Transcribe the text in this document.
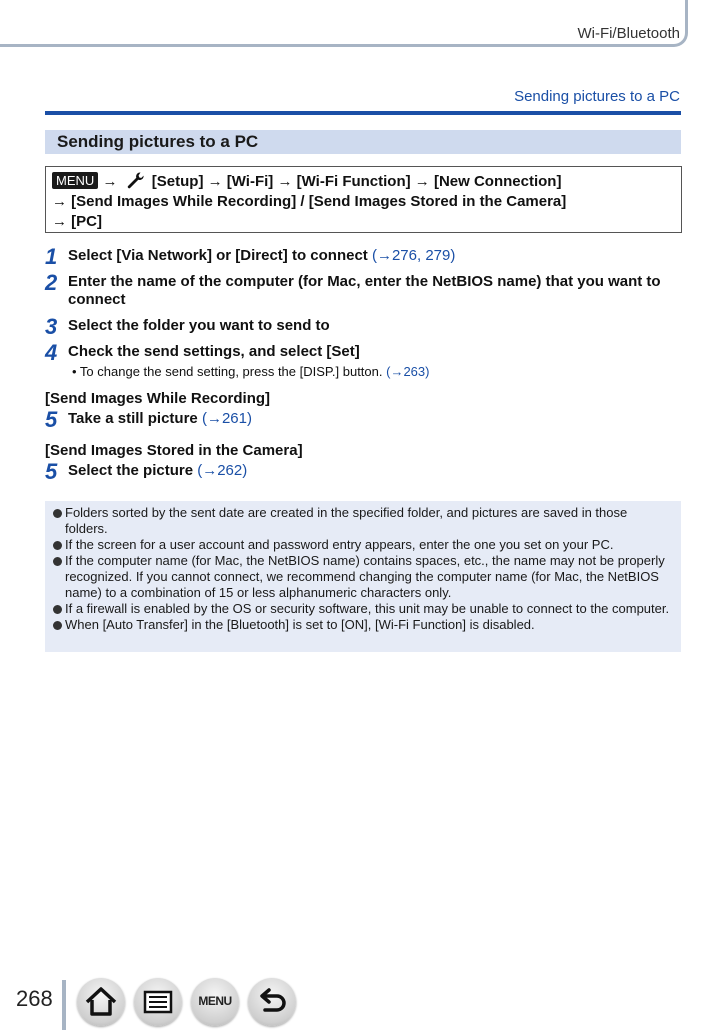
Wi-Fi/Bluetooth
Sending pictures to a PC
Sending pictures to a PC
MENU → [Setup] → [Wi-Fi] → [Wi-Fi Function] → [New Connection]
→ [Send Images While Recording] / [Send Images Stored in the Camera]
→ [PC]
1 Select [Via Network] or [Direct] to connect (→276, 279)
2 Enter the name of the computer (for Mac, enter the NetBIOS name) that you want to connect
3 Select the folder you want to send to
4 Check the send settings, and select [Set]
• To change the send setting, press the [DISP.] button. (→263)
[Send Images While Recording]
5 Take a still picture (→261)
[Send Images Stored in the Camera]
5 Select the picture (→262)
Folders sorted by the sent date are created in the specified folder, and pictures are saved in those folders.
If the screen for a user account and password entry appears, enter the one you set on your PC.
If the computer name (for Mac, the NetBIOS name) contains spaces, etc., the name may not be properly recognized. If you cannot connect, we recommend changing the computer name (for Mac, the NetBIOS name) to a combination of 15 or less alphanumeric characters only.
If a firewall is enabled by the OS or security software, this unit may be unable to connect to the computer.
When [Auto Transfer] in the [Bluetooth] is set to [ON], [Wi-Fi Function] is disabled.
268	MENU
